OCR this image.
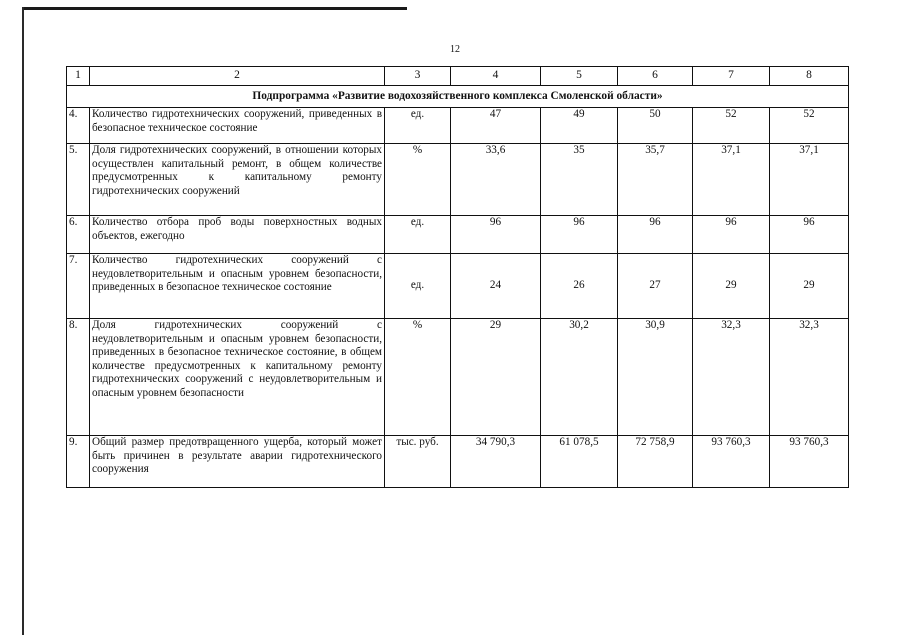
12
1	2	3	4	5	6	7	8
Подпрограмма «Развитие водохозяйственного комплекса Смоленской области»							
4.	Количество гидротехнических сооружений, приведенных в безопасное техническое состояние	ед.	47	49	50	52	52
5.	Доля гидротехнических сооружений, в отношении которых осуществлен капитальный ремонт, в общем количестве предусмотренных к капитальному ремонту гидротехнических сооружений	%	33,6	35	35,7	37,1	37,1
6.	Количество отбора проб воды поверхностных водных объектов, ежегодно	ед.	96	96	96	96	96
7.	Количество гидротехнических сооружений с неудовлетворительным и опасным уровнем безопасности, приведенных в безопасное техническое состояние	ед.	24	26	27	29	29
8.	Доля гидротехнических сооружений с неудовлетворительным и опасным уровнем безопасности, приведенных в безопасное техническое состояние, в общем количестве предусмотренных к капитальному ремонту гидротехнических сооружений с неудовлетворительным и опасным уровнем безопасности	%	29	30,2	30,9	32,3	32,3
9.	Общий размер предотвращенного ущерба, который может быть причинен в результате аварии гидротехнического сооружения	тыс. руб.	34 790,3	61 078,5	72 758,9	93 760,3	93 760,3
